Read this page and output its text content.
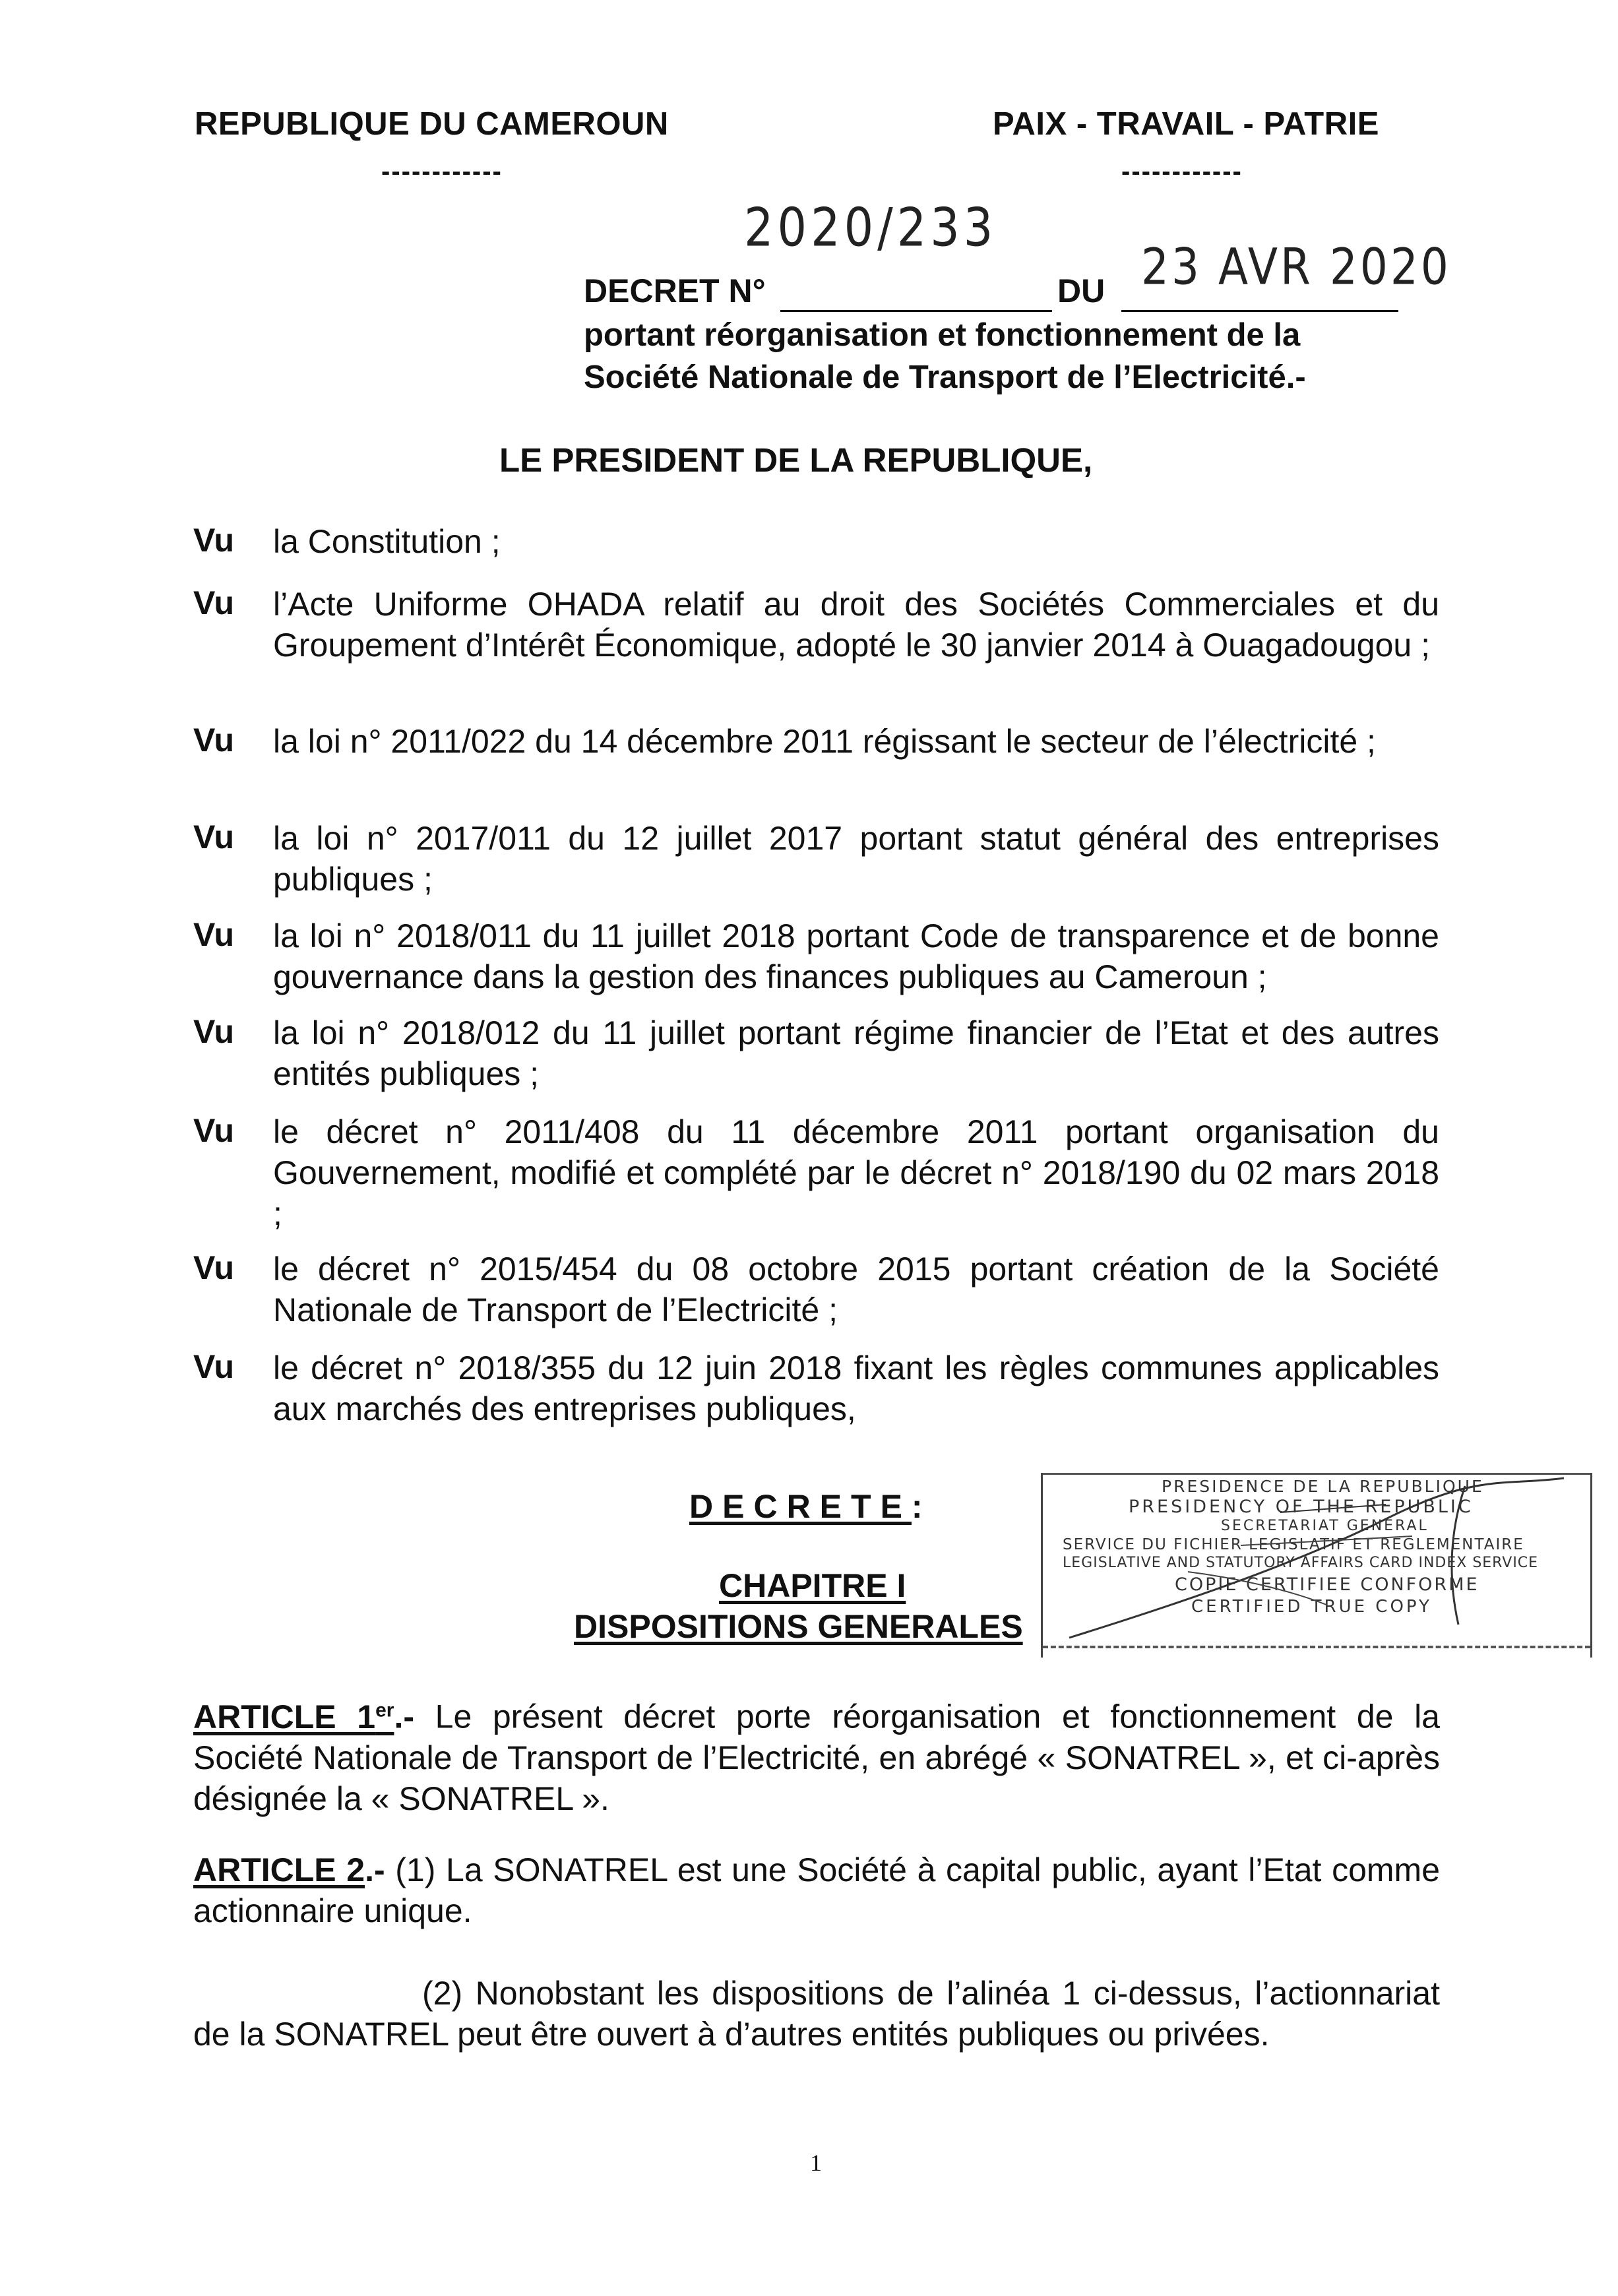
REPUBLIQUE DU CAMEROUN
------------
PAIX - TRAVAIL - PATRIE
------------
2020/233
DECRET N°	DU 23 AVR 2020
portant réorganisation et fonctionnement de la
Société Nationale de Transport de l’Electricité.-
LE PRESIDENT DE LA REPUBLIQUE,
Vu la Constitution ;
Vu l’Acte Uniforme OHADA relatif au droit des Sociétés Commerciales et du Groupement d’Intérêt Économique, adopté le 30 janvier 2014 à Ouagadougou ;
Vu la loi n° 2011/022 du 14 décembre 2011 régissant le secteur de l’électricité ;
Vu la loi n° 2017/011 du 12 juillet 2017 portant statut général des entreprises publiques ;
Vu la loi n° 2018/011 du 11 juillet 2018 portant Code de transparence et de bonne gouvernance dans la gestion des finances publiques au Cameroun ;
Vu la loi n° 2018/012 du 11 juillet portant régime financier de l’Etat et des autres entités publiques ;
Vu le décret n° 2011/408 du 11 décembre 2011 portant organisation du Gouvernement, modifié et complété par le décret n° 2018/190 du 02 mars 2018 ;
Vu le décret n° 2015/454 du 08 octobre 2015 portant création de la Société Nationale de Transport de l’Electricité ;
Vu le décret n° 2018/355 du 12 juin 2018 fixant les règles communes applicables aux marchés des entreprises publiques,
DECRETE:
CHAPITRE I
DISPOSITIONS GENERALES
PRESIDENCE DE LA REPUBLIQUE
PRESIDENCY OF THE REPUBLIC
SECRETARIAT GENERAL
SERVICE DU FICHIER LEGISLATIF ET REGLEMENTAIRE
LEGISLATIVE AND STATUTORY AFFAIRS CARD INDEX SERVICE
COPIE CERTIFIEE CONFORME
CERTIFIED TRUE COPY
ARTICLE 1er.- Le présent décret porte réorganisation et fonctionnement de la Société Nationale de Transport de l’Electricité, en abrégé « SONATREL », et ci-après désignée la « SONATREL ».
ARTICLE 2.- (1) La SONATREL est une Société à capital public, ayant l’Etat comme actionnaire unique.
(2) Nonobstant les dispositions de l’alinéa 1 ci-dessus, l’actionnariat de la SONATREL peut être ouvert à d’autres entités publiques ou privées.
1
